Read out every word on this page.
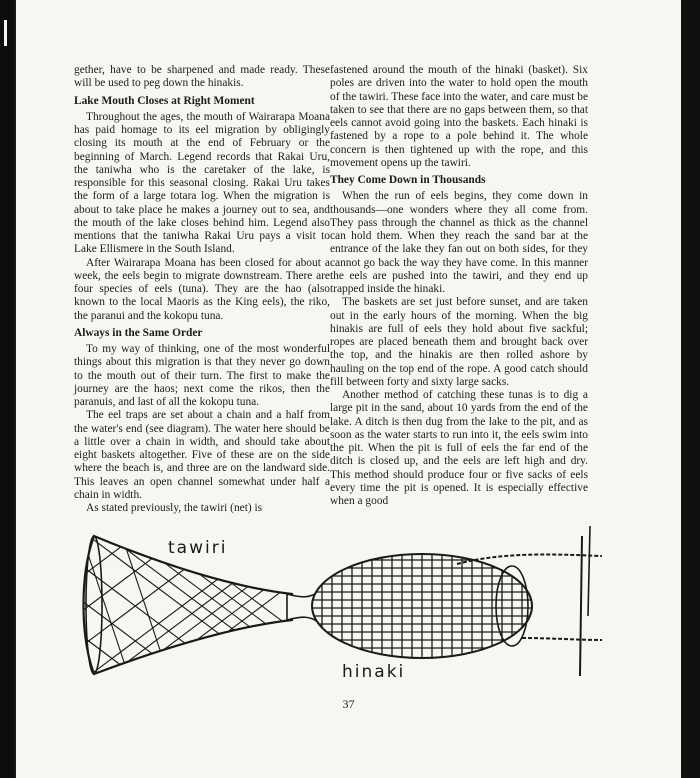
gether, have to be sharpened and made ready. These will be used to peg down the hinakis.

Lake Mouth Closes at Right Moment

Throughout the ages, the mouth of Wairarapa Moana has paid homage to its eel migration by obligingly closing its mouth at the end of February or the beginning of March. Legend records that Rakai Uru, the taniwha who is the caretaker of the lake, is responsible for this seasonal closing. Rakai Uru takes the form of a large totara log. When the migration is about to take place he makes a journey out to sea, and the mouth of the lake closes behind him. Legend also mentions that the taniwha Rakai Uru pays a visit to Lake Ellismere in the South Island.

After Wairarapa Moana has been closed for about a week, the eels begin to migrate downstream. There are four species of eels (tuna). They are the hao (also known to the local Maoris as the King eels), the riko, the paranui and the kokopu tuna.

Always in the Same Order

To my way of thinking, one of the most wonderful things about this migration is that they never go down to the mouth out of their turn. The first to make the journey are the haos; next come the rikos, then the paranuis, and last of all the kokopu tuna.

The eel traps are set about a chain and a half from the water's end (see diagram). The water here should be a little over a chain in width, and should take about eight baskets altogether. Five of these are on the side where the beach is, and three are on the landward side. This leaves an open channel somewhat under half a chain in width.

As stated previously, the tawiri (net) is

fastened around the mouth of the hinaki (basket). Six poles are driven into the water to hold open the mouth of the tawiri. These face into the water, and care must be taken to see that there are no gaps between them, so that eels cannot avoid going into the baskets. Each hinaki is fastened by a rope to a pole behind it. The whole concern is then tightened up with the rope, and this movement opens up the tawiri.

They Come Down in Thousands

When the run of eels begins, they come down in thousands—one wonders where they all come from. They pass through the channel as thick as the channel can hold them. When they reach the sand bar at the entrance of the lake they fan out on both sides, for they cannot go back the way they have come. In this manner the eels are pushed into the tawiri, and they end up trapped inside the hinaki.

The baskets are set just before sunset, and are taken out in the early hours of the morning. When the big hinakis are full of eels they hold about five sackful; ropes are placed beneath them and brought back over the top, and the hinakis are then rolled ashore by hauling on the top end of the rope. A good catch should fill between forty and sixty large sacks.

Another method of catching these tunas is to dig a large pit in the sand, about 10 yards from the end of the lake. A ditch is then dug from the lake to the pit, and as soon as the water starts to run into it, the eels swim into the pit. When the pit is full of eels the far end of the ditch is closed up, and the eels are left high and dry. This method should produce four or five sacks of eels every time the pit is opened. It is especially effective when a good

tawiri
hinaki
37
